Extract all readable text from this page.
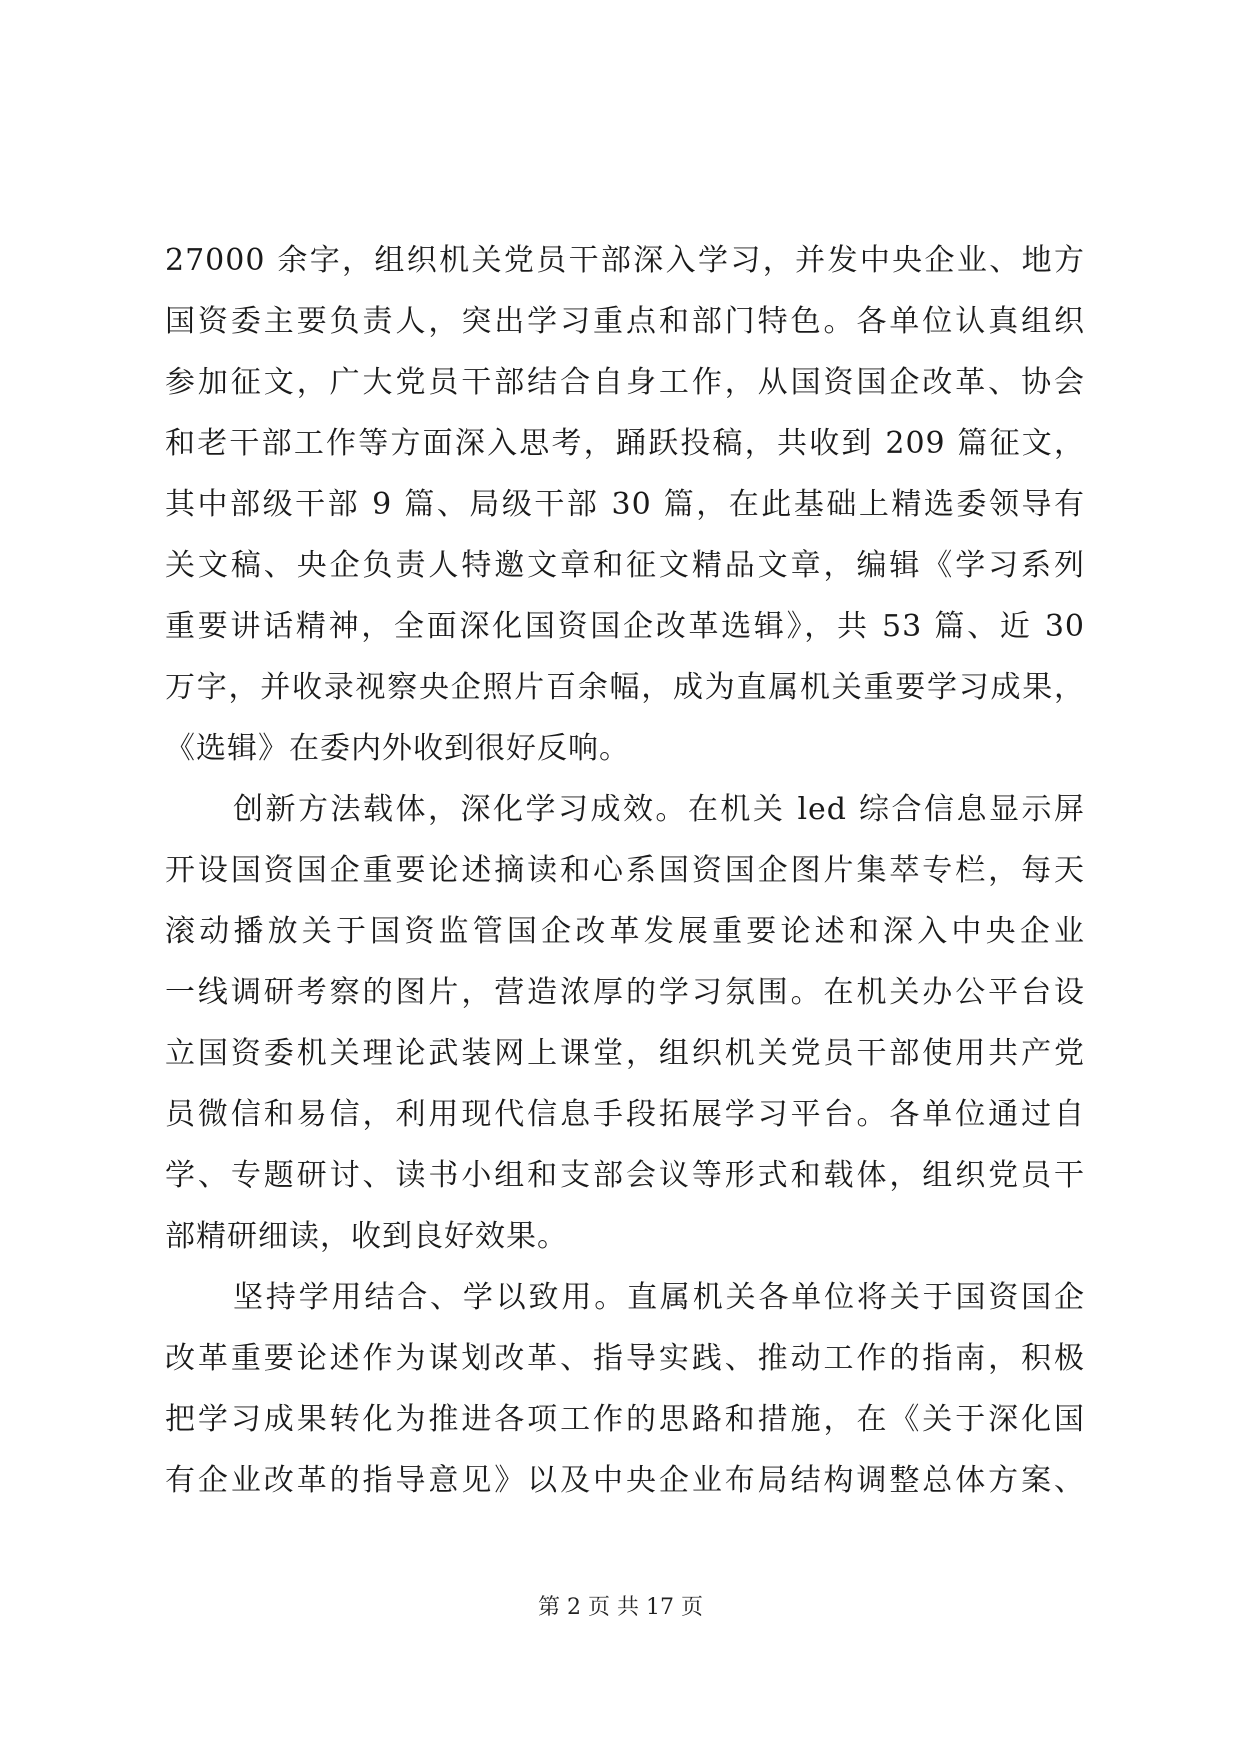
27000 余字，组织机关党员干部深入学习，并发中央企业、地方
国资委主要负责人，突出学习重点和部门特色。各单位认真组织
参加征文，广大党员干部结合自身工作，从国资国企改革、协会
和老干部工作等方面深入思考，踊跃投稿，共收到 209 篇征文，
其中部级干部 9 篇、局级干部 30 篇，在此基础上精选委领导有
关文稿、央企负责人特邀文章和征文精品文章，编辑《学习系列
重要讲话精神，全面深化国资国企改革选辑》，共 53 篇、近 30
万字，并收录视察央企照片百余幅，成为直属机关重要学习成果，
《选辑》在委内外收到很好反响。
创新方法载体，深化学习成效。在机关 led 综合信息显示屏
开设国资国企重要论述摘读和心系国资国企图片集萃专栏，每天
滚动播放关于国资监管国企改革发展重要论述和深入中央企业
一线调研考察的图片，营造浓厚的学习氛围。在机关办公平台设
立国资委机关理论武装网上课堂，组织机关党员干部使用共产党
员微信和易信，利用现代信息手段拓展学习平台。各单位通过自
学、专题研讨、读书小组和支部会议等形式和载体，组织党员干
部精研细读，收到良好效果。
坚持学用结合、学以致用。直属机关各单位将关于国资国企
改革重要论述作为谋划改革、指导实践、推动工作的指南，积极
把学习成果转化为推进各项工作的思路和措施，在《关于深化国
有企业改革的指导意见》以及中央企业布局结构调整总体方案、
第 2 页 共 17 页
